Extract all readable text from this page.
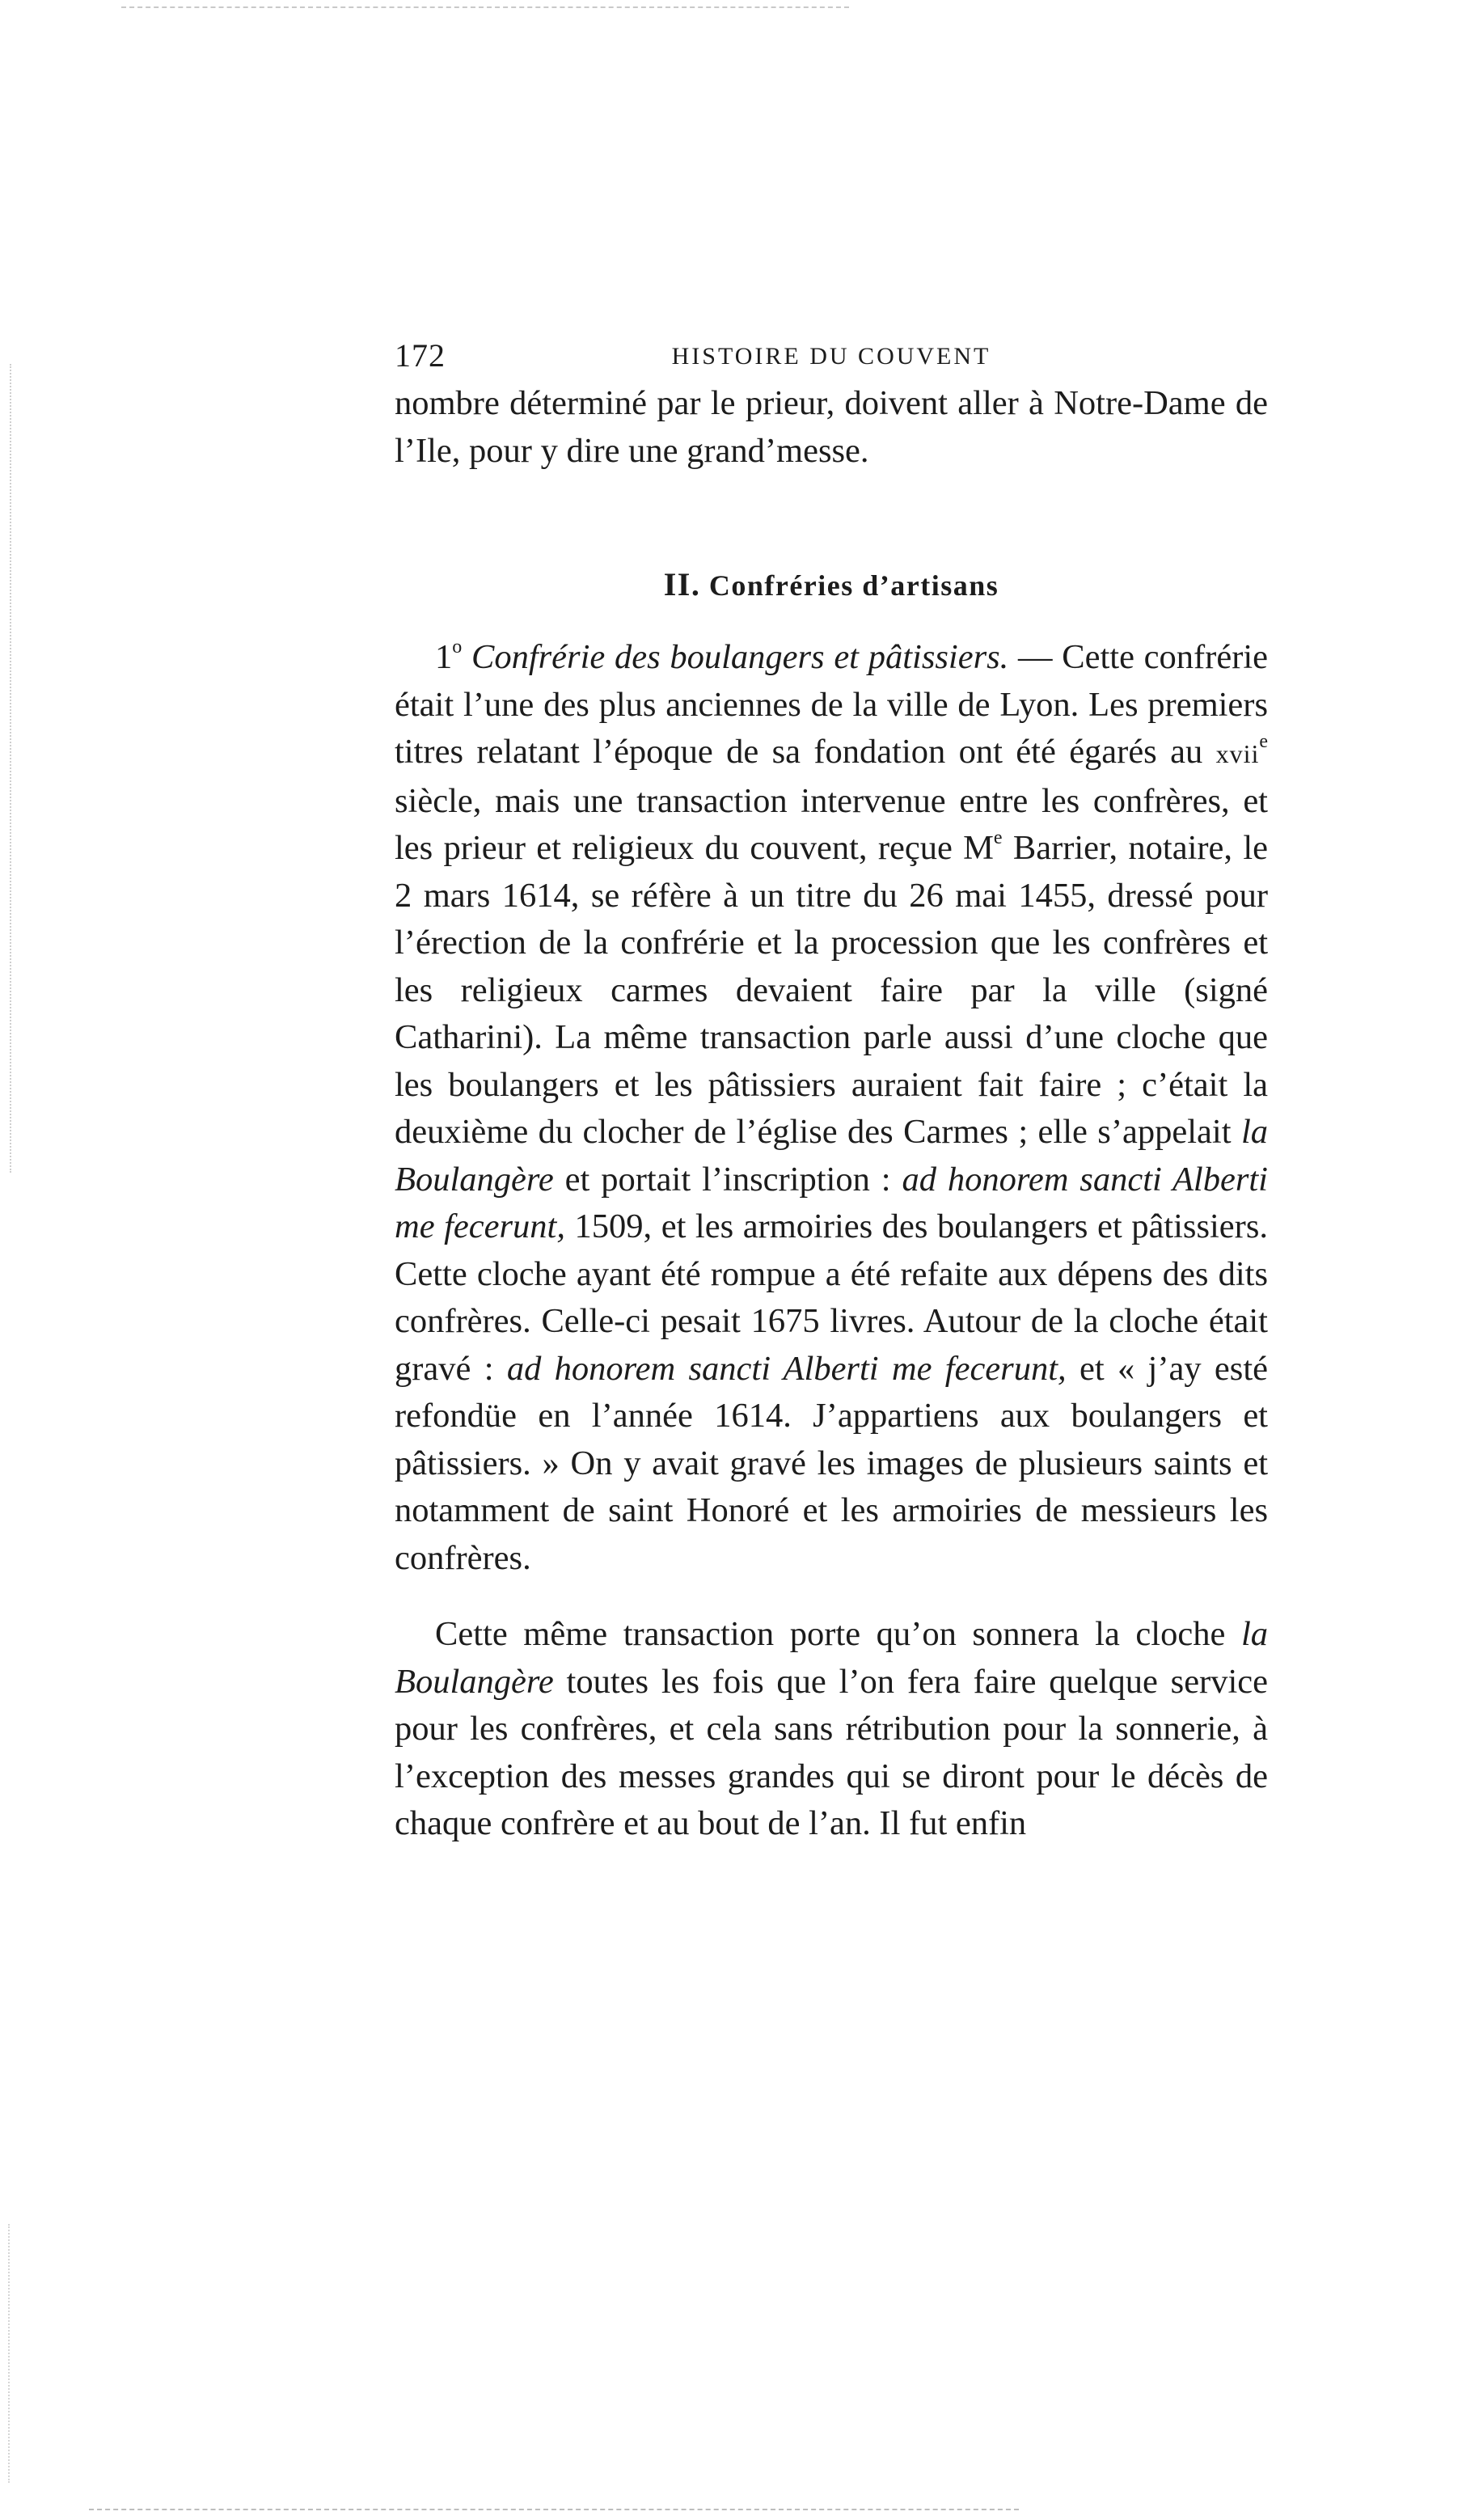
172	HISTOIRE DU COUVENT

nombre déterminé par le prieur, doivent aller à Notre-Dame de l’Ile, pour y dire une grand’messe.

II. Confréries d’artisans

1$^o$ Confrérie des boulangers et pâtissiers. — Cette confrérie était l’une des plus anciennes de la ville de Lyon. Les premiers titres relatant l’époque de sa fondation ont été égarés au xvii$^e$ siècle, mais une transaction intervenue entre les confrères, et les prieur et religieux du couvent, reçue Me Barrier, notaire, le 2 mars 1614, se réfère à un titre du 26 mai 1455, dressé pour l’érection de la confrérie et la procession que les confrères et les religieux carmes devaient faire par la ville (signé Catharini). La même transaction parle aussi d’une cloche que les boulangers et les pâtissiers auraient fait faire ; c’était la deuxième du clocher de l’église des Carmes ; elle s’appelait la Boulangère et portait l’inscription : ad honorem sancti Alberti me fecerunt, 1509, et les armoiries des boulangers et pâtissiers. Cette cloche ayant été rompue a été refaite aux dépens des dits confrères. Celle-ci pesait 1675 livres. Autour de la cloche était gravé : ad honorem sancti Alberti me fecerunt, et « j’ay esté refondüe en l’année 1614. J’appartiens aux boulangers et pâtissiers. » On y avait gravé les images de plusieurs saints et notamment de saint Honoré et les armoiries de messieurs les confrères.

Cette même transaction porte qu’on sonnera la cloche la Boulangère toutes les fois que l’on fera faire quelque service pour les confrères, et cela sans rétribution pour la sonnerie, à l’exception des messes grandes qui se diront pour le décès de chaque confrère et au bout de l’an. Il fut enfin
